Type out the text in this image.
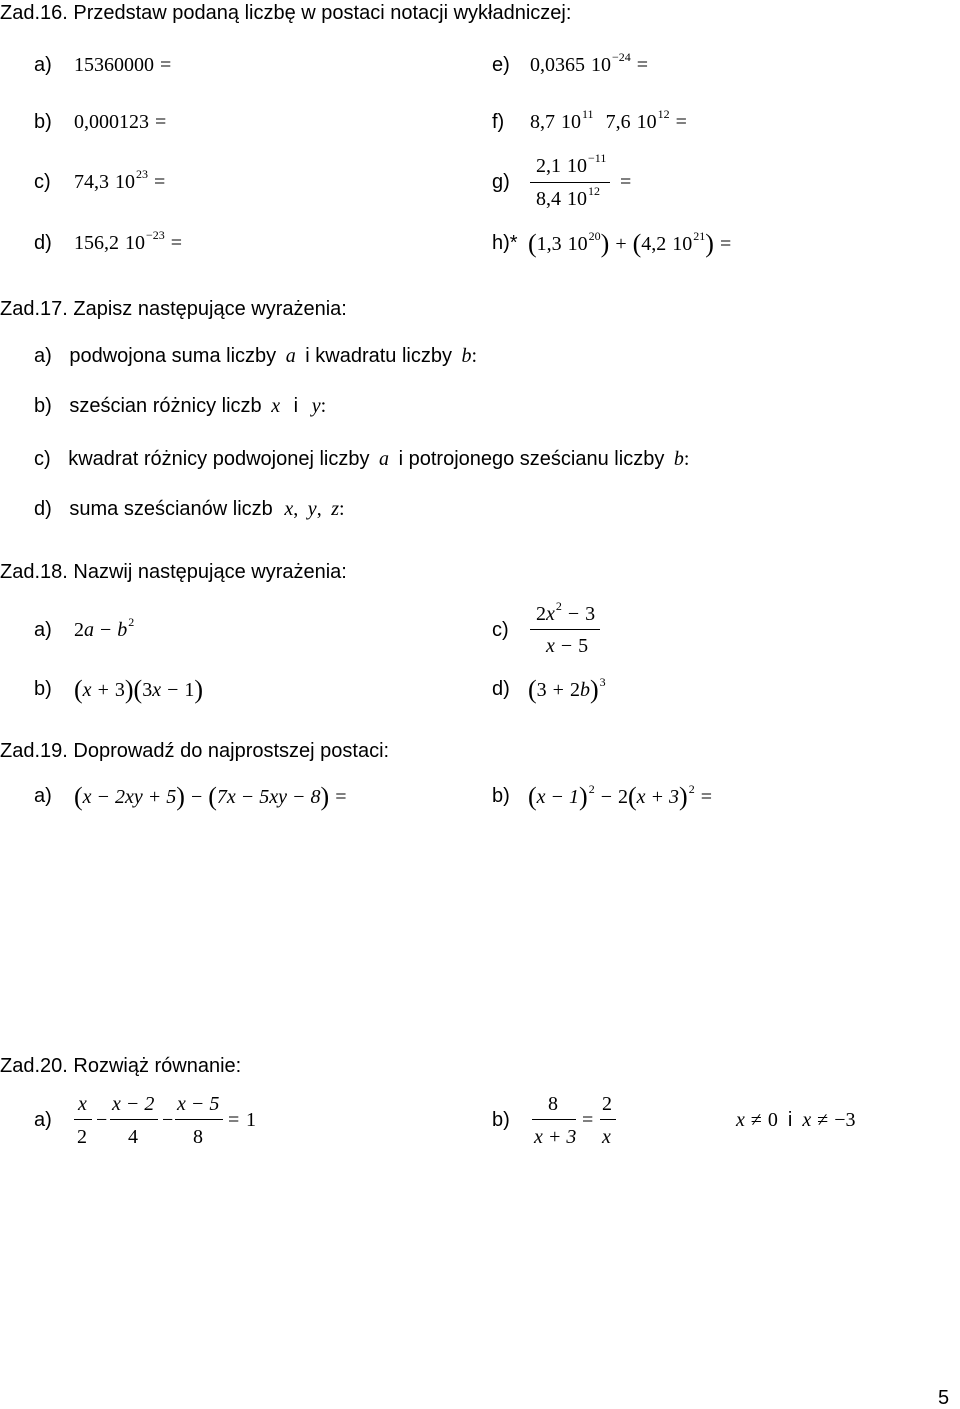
Zad.16. Przedstaw podaną liczbę w postaci notacji wykładniczej:
a) 15360000 =
b) 0,000123 =
c) 74,3 $10^{23}$ =
d) 156,2 $10^{-23}$ =
e) 0,0365 $10^{-24}$ =
f) 8,7 $10^{11}$ 7,6 $10^{12}$ =
g)
2,1 $10^{-11}$
8,4 $10^{12}$ =
h)* (1,3 $10^{20}) + (4,2$ $10^{21}$) =
Zad.17. Zapisz następujące wyrażenia:
a) podwojona suma liczby a i kwadratu liczby b:
b) sześcian różnicy liczb x i y:
c) kwadrat różnicy podwojonej liczby a i potrojonego sześcianu liczby b:
d) suma sześcianów liczb x, y, z:
Zad.18. Nazwij następujące wyrażenia:
a) $2a - b^2$
b) (x + 3)(3x − 1)
c)
$2x^2 - 3$
x − 5
d) $(3 + 2b)^3$
Zad.19. Doprowadź do najprostszej postaci:
a) (x − 2xy + 5) − (7x − 5xy − 8) =	b) $(x - 1)^2 - 2(x + 3)^2$ =
Zad.20. Rozwiąż równanie:
a)
x
2
−
x − 2
4
−
x − 5
8
= 1	b)
8
x + 3
=
2
x
x ≠ 0 i x ≠ −3
5
